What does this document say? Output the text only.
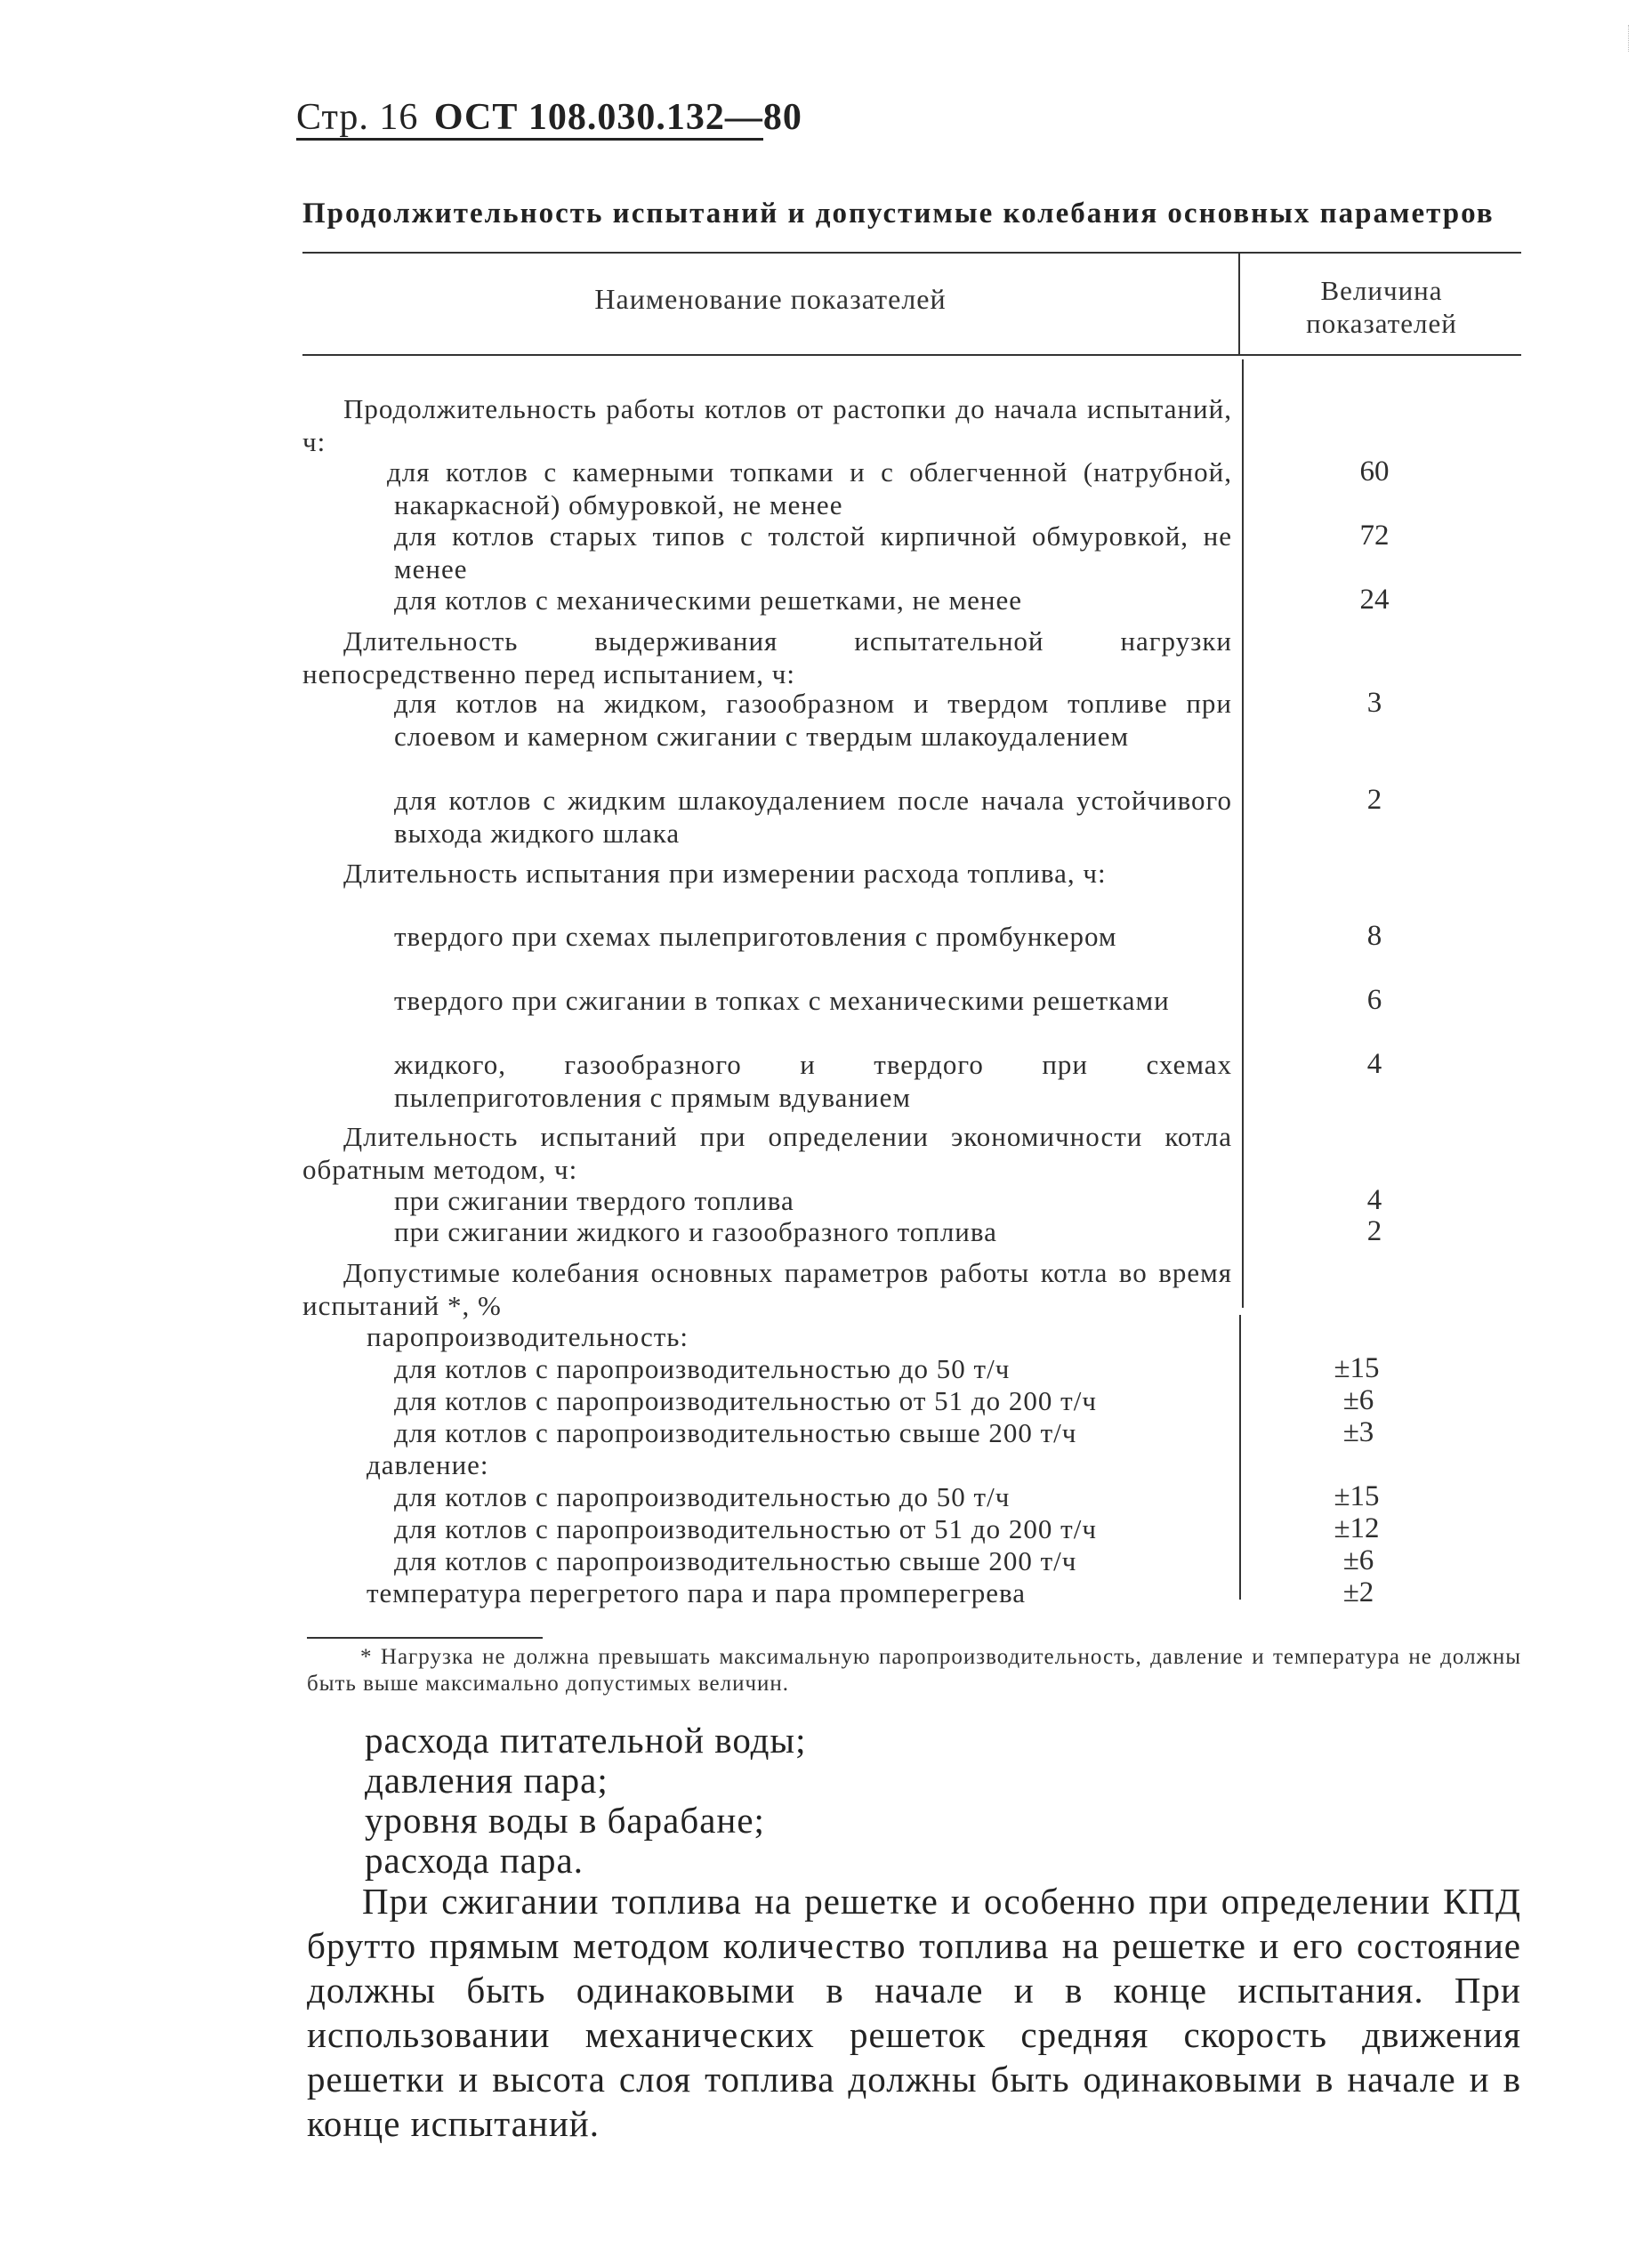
Стр. 16 ОСТ 108.030.132—80
Продолжительность испытаний и допустимые колебания основных параметров
Наименование показателей	Величина
показателей
Продолжительность работы котлов от растопки до начала испытаний, ч:
для котлов с камерными топками и с облегченной (натрубной, накаркасной) обмуровкой, не менее
для котлов старых типов с толстой кирпичной обмуровкой, не менее
для котлов с механическими решетками, не менее
Длительность выдерживания испытательной нагрузки непосредственно перед испытанием, ч:
для котлов на жидком, газообразном и твердом топливе при слоевом и камерном сжигании с твердым шлакоудалением
для котлов с жидким шлакоудалением после начала устойчивого выхода жидкого шлака
Длительность испытания при измерении расхода топлива, ч:
твердого при схемах пылеприготовления с промбункером
твердого при сжигании в топках с механическими решетками
жидкого, газообразного и твердого при схемах пылеприготовления с прямым вдуванием
Длительность испытаний при определении экономичности котла обратным методом, ч:
при сжигании твердого топлива
при сжигании жидкого и газообразного топлива
Допустимые колебания основных параметров работы котла во время испытаний *, %
паропроизводительность:
для котлов с паропроизводительностью до 50 т/ч
для котлов с паропроизводительностью от 51 до 200 т/ч
для котлов с паропроизводительностью свыше 200 т/ч
давление:
для котлов с паропроизводительностью до 50 т/ч
для котлов с паропроизводительностью от 51 до 200 т/ч
для котлов с паропроизводительностью свыше 200 т/ч
температура перегретого пара и пара промперегрева
60
72
24
3
2
8
6
4
4
2
±15
±6
±3
±15
±12
±6
±2
* Нагрузка не должна превышать максимальную паропроизводительность, давление и температура не должны быть выше максимально допустимых величин.
расхода питательной воды;
давления пара;
уровня воды в барабане;
расхода пара.
При сжигании топлива на решетке и особенно при определении КПД брутто прямым методом количество топлива на решетке и его состояние должны быть одинаковыми в начале и в конце испытания. При использовании механических решеток средняя скорость движения решетки и высота слоя топлива должны быть одинаковыми в начале и в конце испытаний.
